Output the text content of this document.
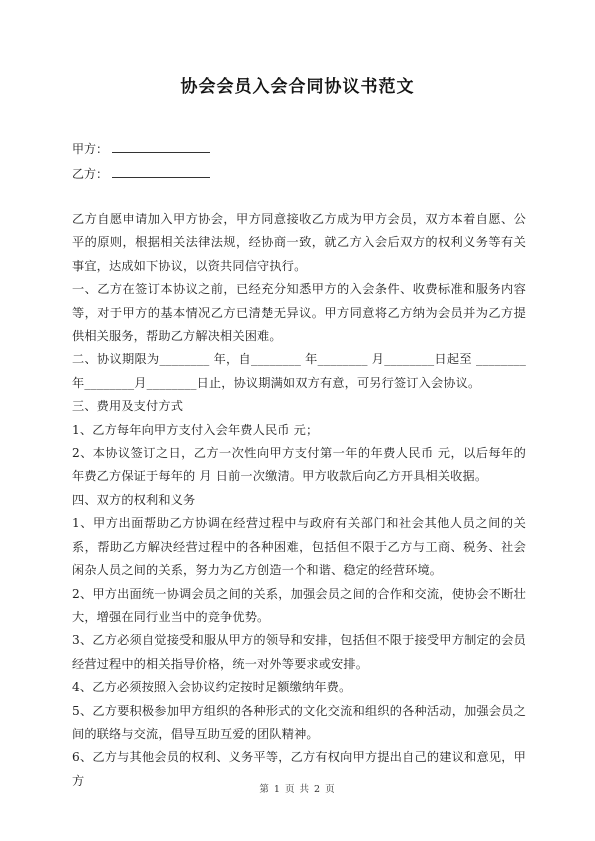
协会会员入会合同协议书范文
甲方：
乙方：

乙方自愿申请加入甲方协会，甲方同意接收乙方成为甲方会员，双方本着自愿、公平的原则，根据相关法律法规，经协商一致，就乙方入会后双方的权利义务等有关事宜，达成如下协议，以资共同信守执行。

一、乙方在签订本协议之前，已经充分知悉甲方的入会条件、收费标准和服务内容等，对于甲方的基本情况乙方已清楚无异议。甲方同意将乙方纳为会员并为乙方提供相关服务，帮助乙方解决相关困难。

二、协议期限为________ 年，自________ 年________ 月________日起至 ________年________月________日止，协议期满如双方有意，可另行签订入会协议。

三、费用及支付方式

1、乙方每年向甲方支付入会年费人民币 元；

2、本协议签订之日，乙方一次性向甲方支付第一年的年费人民币 元，以后每年的年费乙方保证于每年的 月 日前一次缴清。甲方收款后向乙方开具相关收据。

四、双方的权利和义务

1、甲方出面帮助乙方协调在经营过程中与政府有关部门和社会其他人员之间的关系，帮助乙方解决经营过程中的各种困难，包括但不限于乙方与工商、税务、社会闲杂人员之间的关系，努力为乙方创造一个和谐、稳定的经营环境。

2、甲方出面统一协调会员之间的关系，加强会员之间的合作和交流，使协会不断壮大，增强在同行业当中的竞争优势。

3、乙方必须自觉接受和服从甲方的领导和安排，包括但不限于接受甲方制定的会员经营过程中的相关指导价格，统一对外等要求或安排。

4、乙方必须按照入会协议约定按时足额缴纳年费。

5、乙方要积极参加甲方组织的各种形式的文化交流和组织的各种活动，加强会员之间的联络与交流，倡导互助互爱的团队精神。

6、乙方与其他会员的权利、义务平等，乙方有权向甲方提出自己的建议和意见，甲方

第 1 页 共 2 页
